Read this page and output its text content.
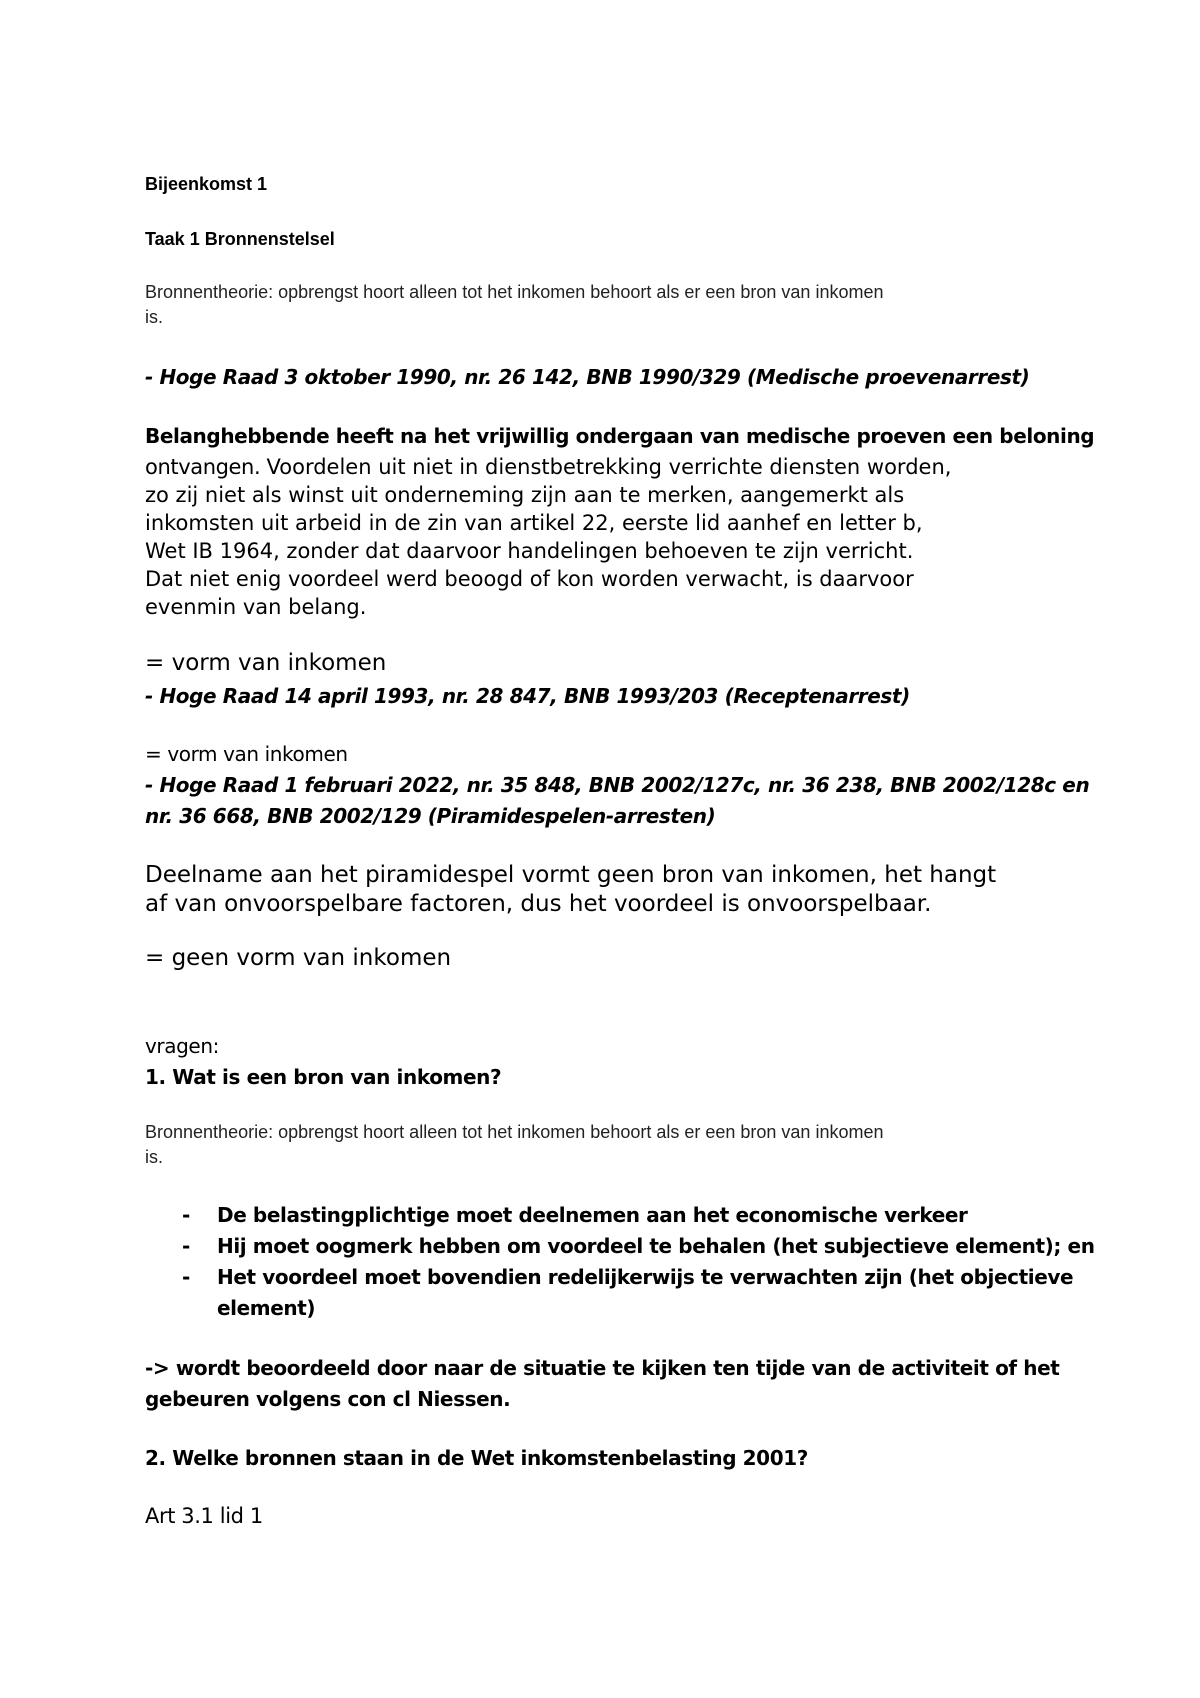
Bijeenkomst 1

Taak 1 Bronnenstelsel

Bronnentheorie: opbrengst hoort alleen tot het inkomen behoort als er een bron van inkomen

is.

- Hoge Raad 3 oktober 1990, nr. 26 142, BNB 1990/329 (Medische proevenarrest)

Belanghebbende heeft na het vrijwillig ondergaan van medische proeven een beloning

ontvangen. Voordelen uit niet in dienstbetrekking verrichte diensten worden,

zo zij niet als winst uit onderneming zijn aan te merken, aangemerkt als

inkomsten uit arbeid in de zin van artikel 22, eerste lid aanhef en letter b,

Wet IB 1964, zonder dat daarvoor handelingen behoeven te zijn verricht.

Dat niet enig voordeel werd beoogd of kon worden verwacht, is daarvoor

evenmin van belang.

= vorm van inkomen

- Hoge Raad 14 april 1993, nr. 28 847, BNB 1993/203 (Receptenarrest)

= vorm van inkomen

- Hoge Raad 1 februari 2022, nr. 35 848, BNB 2002/127c, nr. 36 238, BNB 2002/128c en

nr. 36 668, BNB 2002/129 (Piramidespelen-arresten)

Deelname aan het piramidespel vormt geen bron van inkomen, het hangt

af van onvoorspelbare factoren, dus het voordeel is onvoorspelbaar.

= geen vorm van inkomen

vragen:

1. Wat is een bron van inkomen?

Bronnentheorie: opbrengst hoort alleen tot het inkomen behoort als er een bron van inkomen

is.

- De belastingplichtige moet deelnemen aan het economische verkeer
- Hij moet oogmerk hebben om voordeel te behalen (het subjectieve element); en
- Het voordeel moet bovendien redelijkerwijs te verwachten zijn (het objectieve
element)

-> wordt beoordeeld door naar de situatie te kijken ten tijde van de activiteit of het

gebeuren volgens con cl Niessen.

2. Welke bronnen staan in de Wet inkomstenbelasting 2001?

Art 3.1 lid 1
